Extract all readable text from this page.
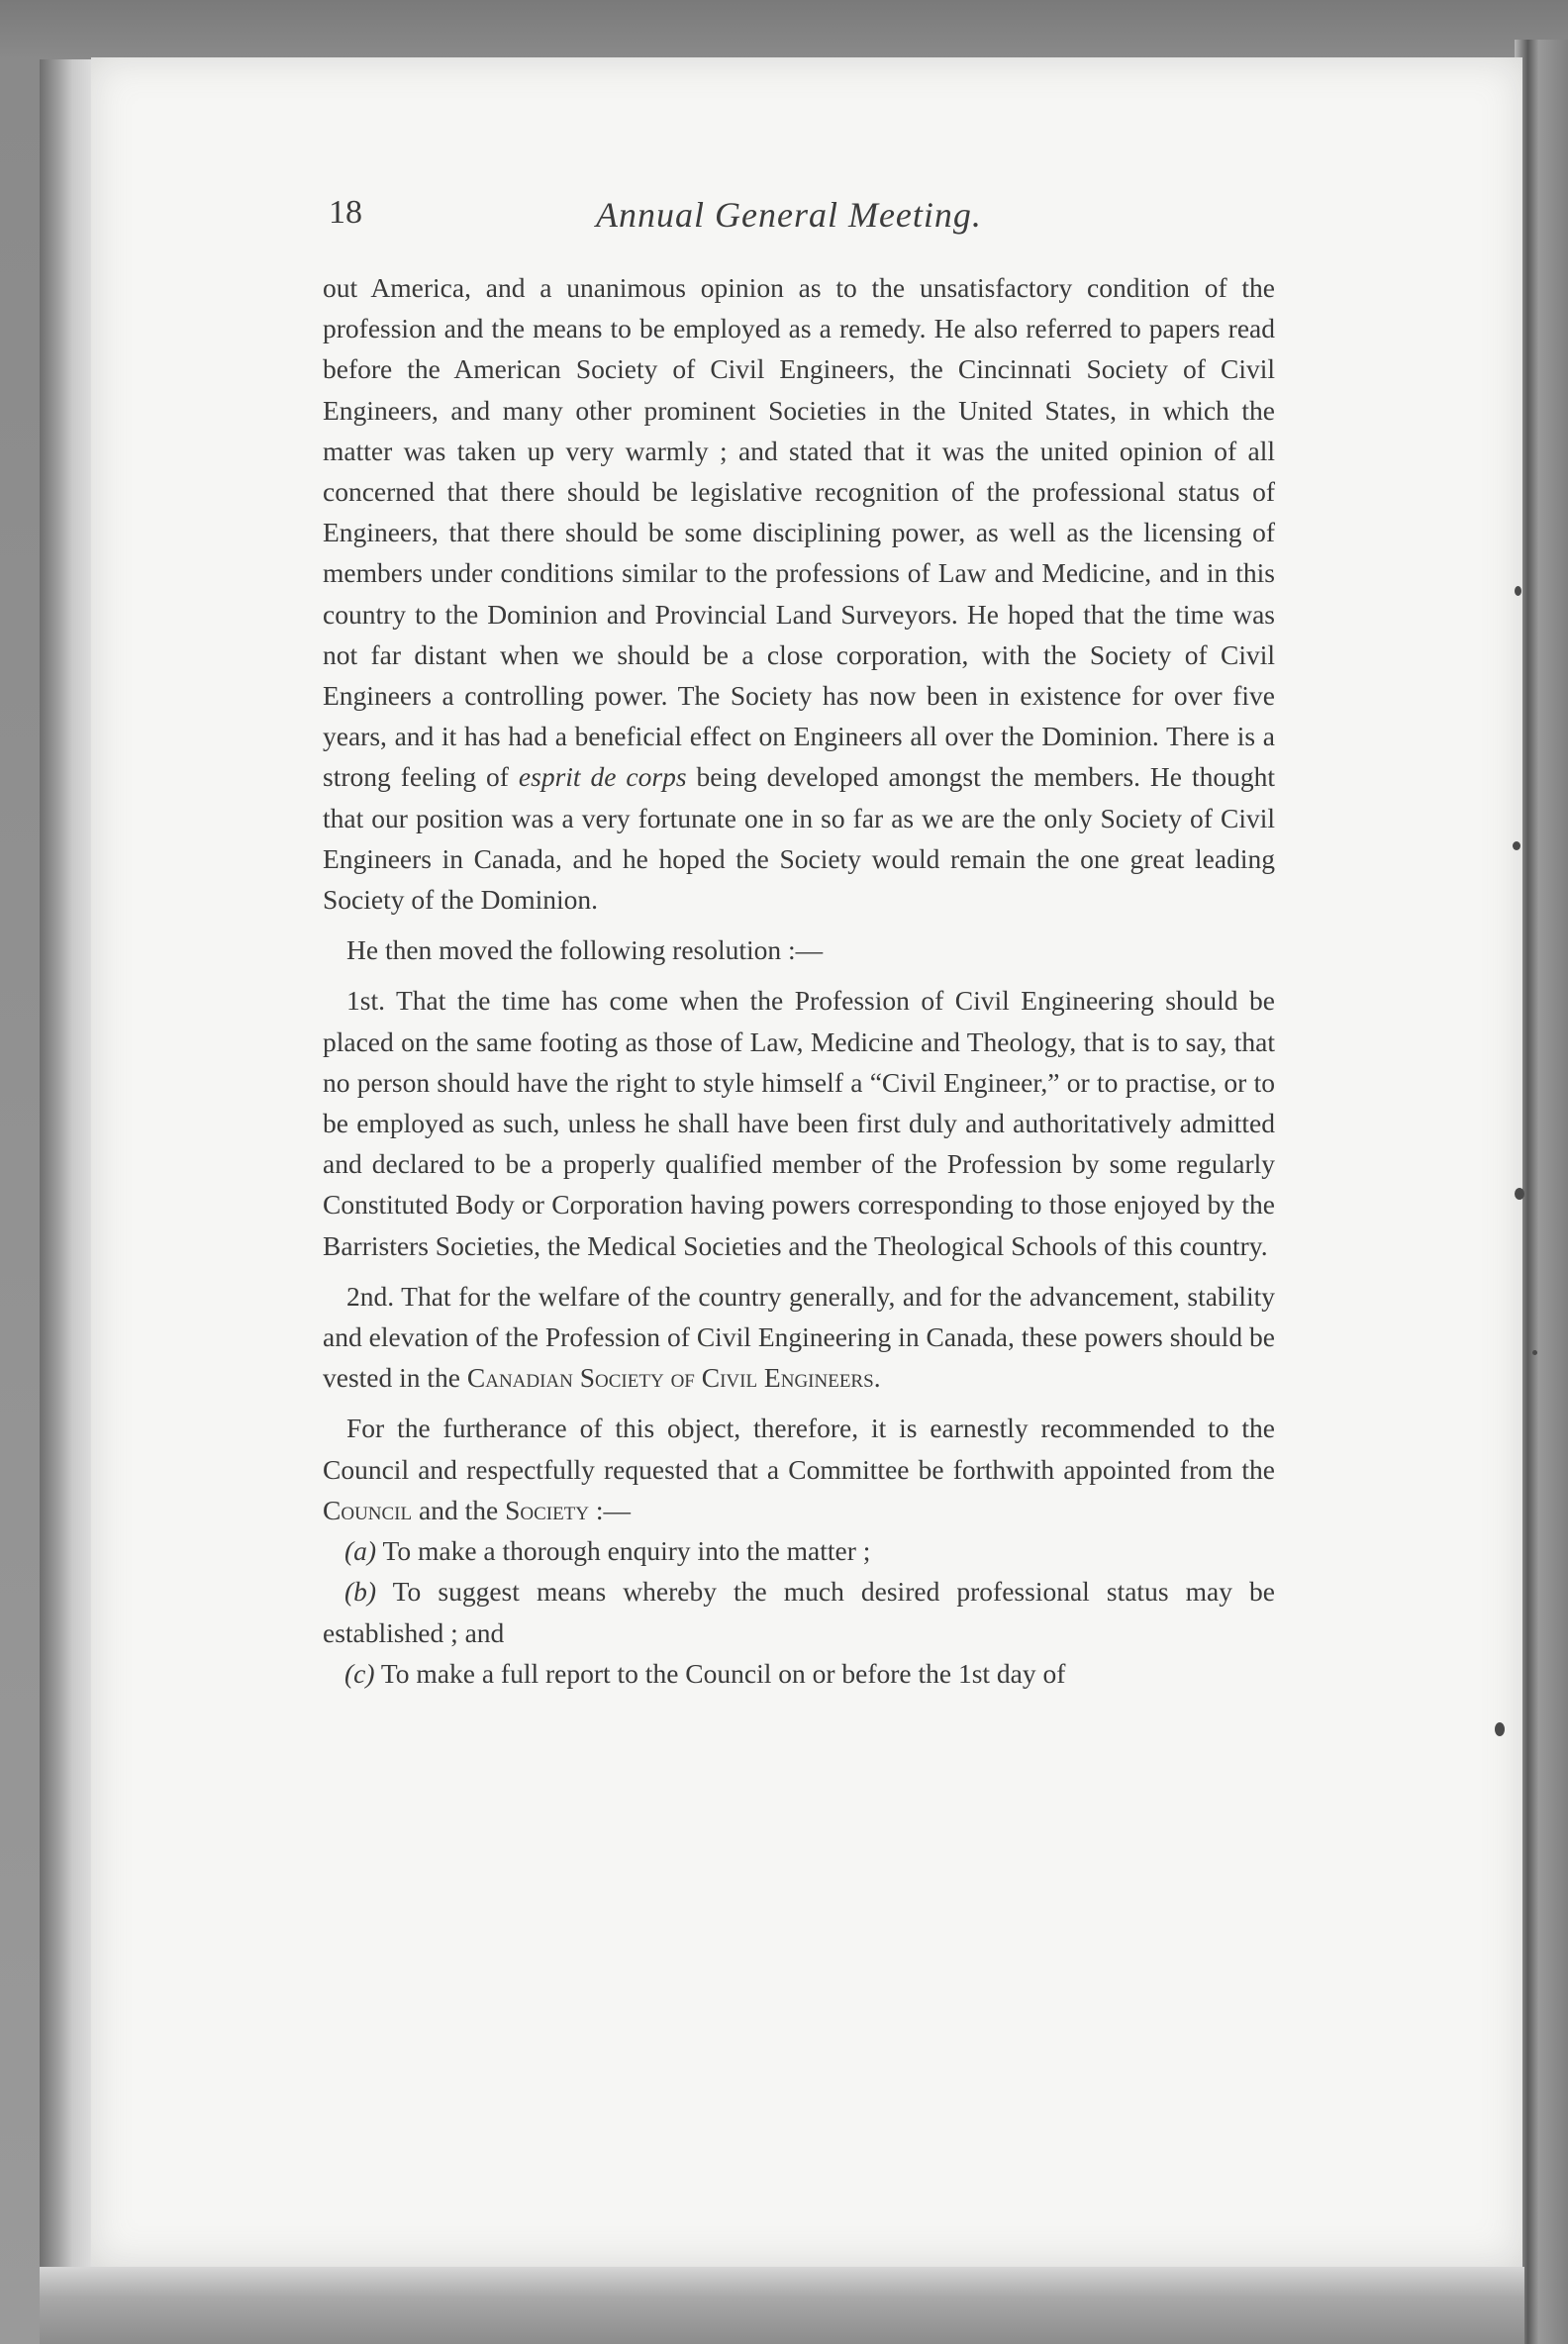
18	Annual General Meeting.

out America, and a unanimous opinion as to the unsatisfactory condition of the profession and the means to be employed as a remedy. He also referred to papers read before the American Society of Civil Engineers, the Cincinnati Society of Civil Engineers, and many other prominent Societies in the United States, in which the matter was taken up very warmly ; and stated that it was the united opinion of all concerned that there should be legislative recognition of the professional status of Engineers, that there should be some disciplining power, as well as the licensing of members under conditions similar to the professions of Law and Medicine, and in this country to the Dominion and Provincial Land Surveyors. He hoped that the time was not far distant when we should be a close corporation, with the Society of Civil Engineers a controlling power. The Society has now been in existence for over five years, and it has had a beneficial effect on Engineers all over the Dominion. There is a strong feeling of esprit de corps being developed amongst the members. He thought that our position was a very fortunate one in so far as we are the only Society of Civil Engineers in Canada, and he hoped the Society would remain the one great leading Society of the Dominion.

He then moved the following resolution :—

1st. That the time has come when the Profession of Civil Engineering should be placed on the same footing as those of Law, Medicine and Theology, that is to say, that no person should have the right to style himself a “Civil Engineer,” or to practise, or to be employed as such, unless he shall have been first duly and authoritatively admitted and declared to be a properly qualified member of the Profession by some regularly Constituted Body or Corporation having powers corresponding to those enjoyed by the Barristers Societies, the Medical Societies and the Theological Schools of this country.

2nd. That for the welfare of the country generally, and for the advancement, stability and elevation of the Profession of Civil Engineering in Canada, these powers should be vested in the Canadian Society of Civil Engineers.

For the furtherance of this object, therefore, it is earnestly recommended to the Council and respectfully requested that a Committee be forthwith appointed from the Council and the Society :—

(a) To make a thorough enquiry into the matter ;

(b) To suggest means whereby the much desired professional status may be established ; and

(c) To make a full report to the Council on or before the 1st day of
